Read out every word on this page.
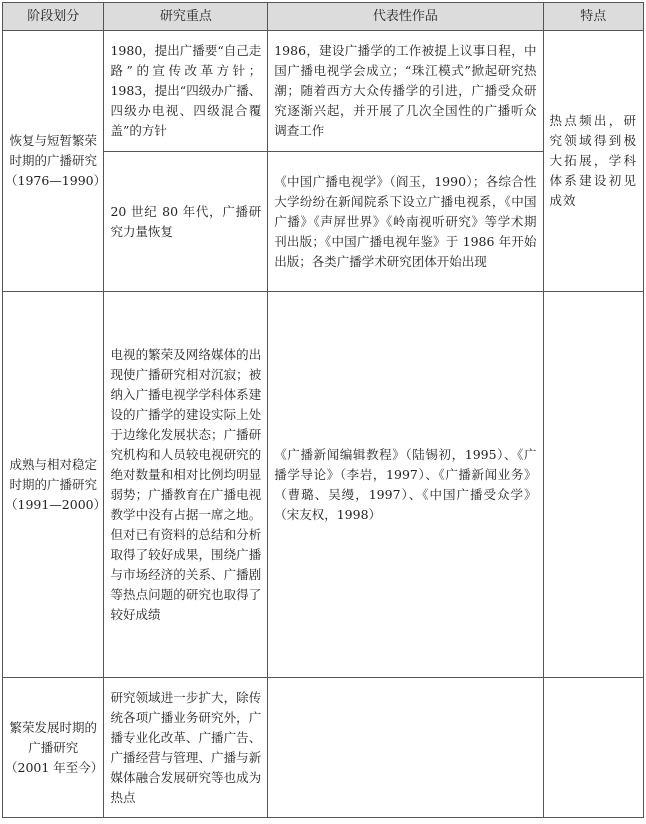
阶段划分	研究重点	代表性作品	特点

恢复与短暂繁荣
时期的广播研究
（1976—1990）	1980，提出广播要“自己走路”的宣传改革方针；1983，提出“四级办广播、四级办电视、四级混合覆盖”的方针	1986，建设广播学的工作被提上议事日程，中国广播电视学会成立；“珠江模式”掀起研究热潮；随着西方大众传播学的引进，广播受众研究逐渐兴起，并开展了几次全国性的广播听众调查工作	热点频出，研究领域得到极大拓展，学科体系建设初见成效
	20 世纪 80 年代，广播研究力量恢复	《中国广播电视学》（阎玉，1990）；各综合性大学纷纷在新闻院系下设立广播电视系，《中国广播》《声屏世界》《岭南视听研究》等学术期刊出版；《中国广播电视年鉴》于 1986 年开始出版；各类广播学术研究团体开始出现	

成熟与相对稳定
时期的广播研究
（1991—2000）	电视的繁荣及网络媒体的出现使广播研究相对沉寂；被纳入广播电视学学科体系建设的广播学的建设实际上处于边缘化发展状态；广播研究机构和人员较电视研究的绝对数量和相对比例均明显弱势；广播教育在广播电视教学中没有占据一席之地。但对已有资料的总结和分析取得了较好成果，围绕广播与市场经济的关系、广播剧等热点问题的研究也取得了较好成绩	《广播新闻编辑教程》（陆锡初，1995）、《广播学导论》（李岩，1997）、《广播新闻业务》（曹璐、吴缦，1997）、《中国广播受众学》（宋友权，1998）	

繁荣发展时期的
广播研究
（2001 年至今）	研究领域进一步扩大，除传统各项广播业务研究外，广播专业化改革、广播广告、广播经营与管理、广播与新媒体融合发展研究等也成为热点		
